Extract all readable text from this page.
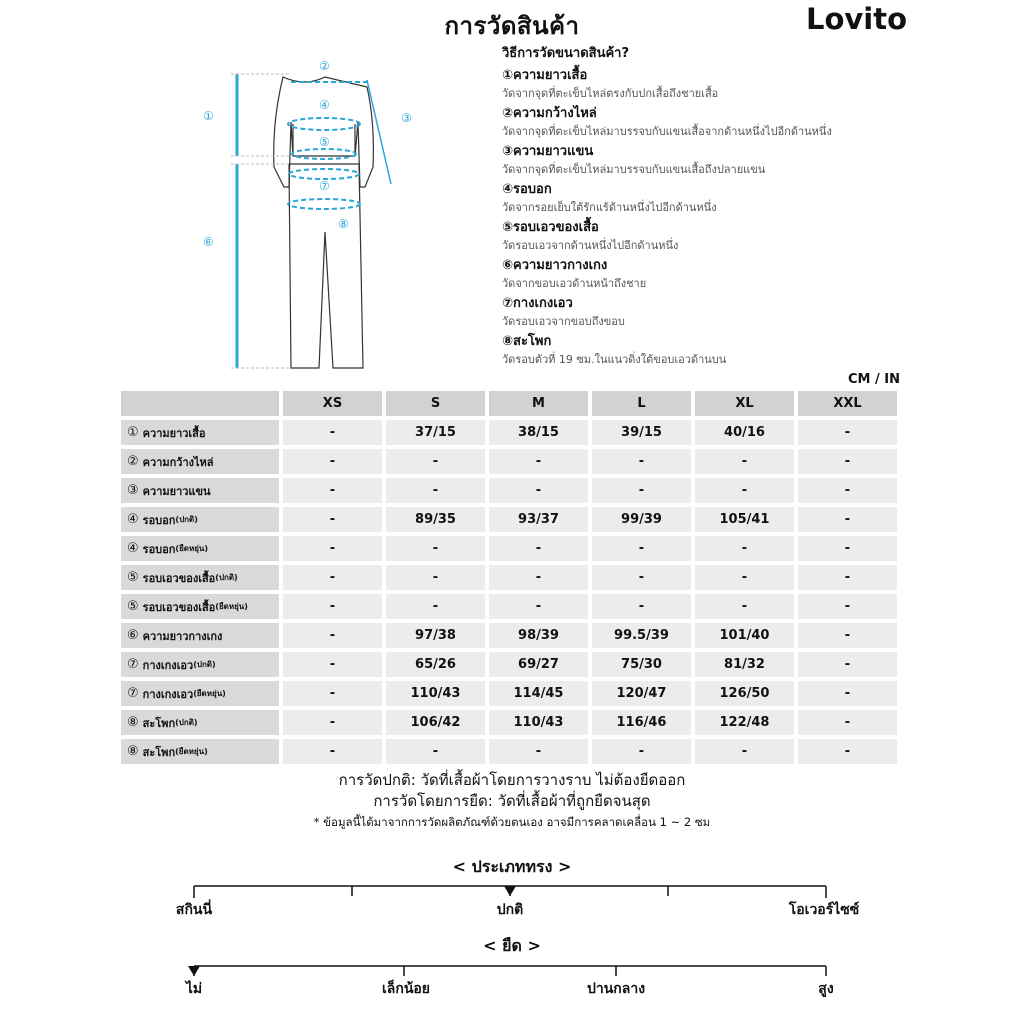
การวัดสินค้า	Lovito
①
②
③
④
⑤
⑥
⑦
⑧
วิธีการวัดขนาดสินค้า?
①ความยาวเสื้อ
วัดจากจุดที่ตะเข็บไหล่ตรงกับปกเสื้อถึงชายเสื้อ
②ความกว้างไหล่
วัดจากจุดที่ตะเข็บไหล่มาบรรจบกับแขนเสื้อจากด้านหนึ่งไปอีกด้านหนึ่ง
③ความยาวแขน
วัดจากจุดที่ตะเข็บไหล่มาบรรจบกับแขนเสื้อถึงปลายแขน
④รอบอก
วัดจากรอยเย็บใต้รักแร้ด้านหนึ่งไปอีกด้านหนึ่ง
⑤รอบเอวของเสื้อ
วัดรอบเอวจากด้านหนึ่งไปอีกด้านหนึ่ง
⑥ความยาวกางเกง
วัดจากขอบเอวด้านหน้าถึงชาย
⑦กางเกงเอว
วัดรอบเอวจากขอบถึงขอบ
⑧สะโพก
วัดรอบตัวที่ 19 ซม.ในแนวดิ่งใต้ขอบเอวด้านบน
CM / IN
XS	S	M	L	XL	XXL
① ความยาวเสื้อ	-	37/15	38/15	39/15	40/16	-
② ความกว้างไหล่	-	-	-	-	-	-
③ ความยาวแขน	-	-	-	-	-	-
④ รอบอก (ปกติ)	-	89/35	93/37	99/39	105/41	-
④ รอบอก (ยืดหยุ่น)	-	-	-	-	-	-
⑤ รอบเอวของเสื้อ (ปกติ)	-	-	-	-	-	-
⑤ รอบเอวของเสื้อ (ยืดหยุ่น)	-	-	-	-	-	-
⑥ ความยาวกางเกง	-	97/38	98/39	99.5/39	101/40	-
⑦ กางเกงเอว (ปกติ)	-	65/26	69/27	75/30	81/32	-
⑦ กางเกงเอว (ยืดหยุ่น)	-	110/43	114/45	120/47	126/50	-
⑧ สะโพก (ปกติ)	-	106/42	110/43	116/46	122/48	-
⑧ สะโพก (ยืดหยุ่น)	-	-	-	-	-	-
การวัดปกติ: วัดที่เสื้อผ้าโดยการวางราบ ไม่ต้องยืดออก
การวัดโดยการยืด: วัดที่เสื้อผ้าที่ถูกยืดจนสุด
* ข้อมูลนี้ได้มาจากการวัดผลิตภัณฑ์ด้วยตนเอง อาจมีการคลาดเคลื่อน 1 ~ 2 ซม
< ประเภททรง >
สกินนี่	ปกติ	โอเวอร์ไซซ์
< ยืด >
ไม่	เล็กน้อย	ปานกลาง	สูง
